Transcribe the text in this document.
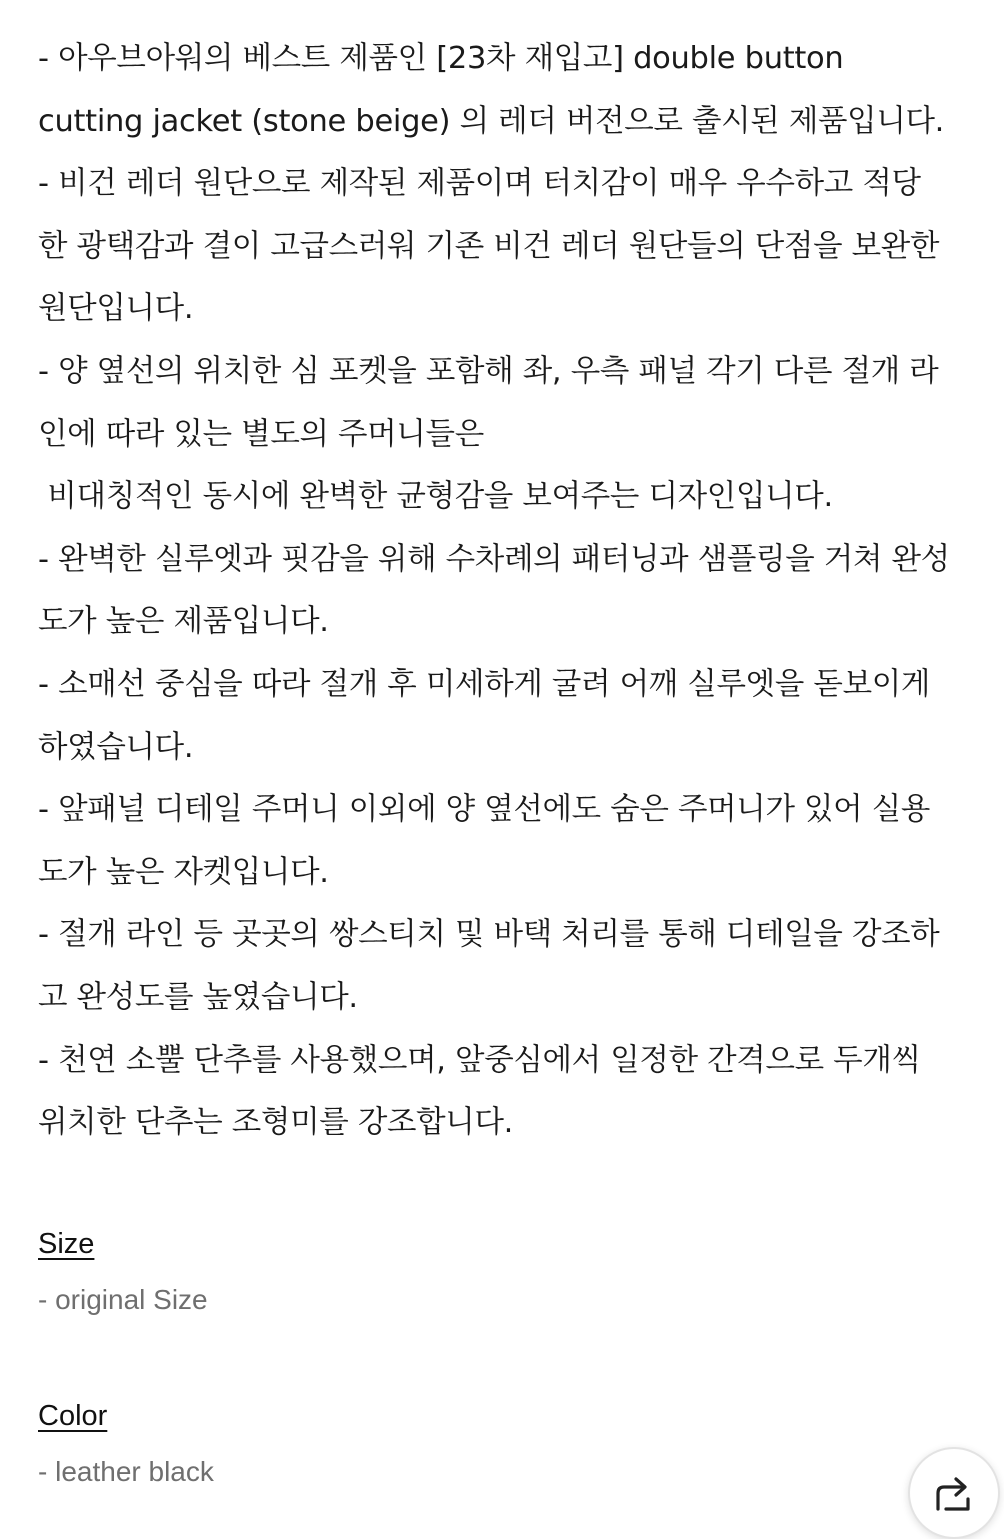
- 아우브아워의 베스트 제품인 [23차 재입고] double button
cutting jacket (stone beige) 의 레더 버전으로 출시된 제품입니다.
- 비건 레더 원단으로 제작된 제품이며 터치감이 매우 우수하고 적당
한 광택감과 결이 고급스러워 기존 비건 레더 원단들의 단점을 보완한
원단입니다.
- 양 옆선의 위치한 심 포켓을 포함해 좌, 우측 패널 각기 다른 절개 라
인에 따라 있는 별도의 주머니들은
비대칭적인 동시에 완벽한 균형감을 보여주는 디자인입니다.
- 완벽한 실루엣과 핏감을 위해 수차례의 패터닝과 샘플링을 거쳐 완성
도가 높은 제품입니다.
- 소매선 중심을 따라 절개 후 미세하게 굴려 어깨 실루엣을 돋보이게
하였습니다.
- 앞패널 디테일 주머니 이외에 양 옆선에도 숨은 주머니가 있어 실용
도가 높은 자켓입니다.
- 절개 라인 등 곳곳의 쌍스티치 및 바택 처리를 통해 디테일을 강조하
고 완성도를 높였습니다.
- 천연 소뿔 단추를 사용했으며, 앞중심에서 일정한 간격으로 두개씩
위치한 단추는 조형미를 강조합니다.
Size
- original Size
Color
- leather black
